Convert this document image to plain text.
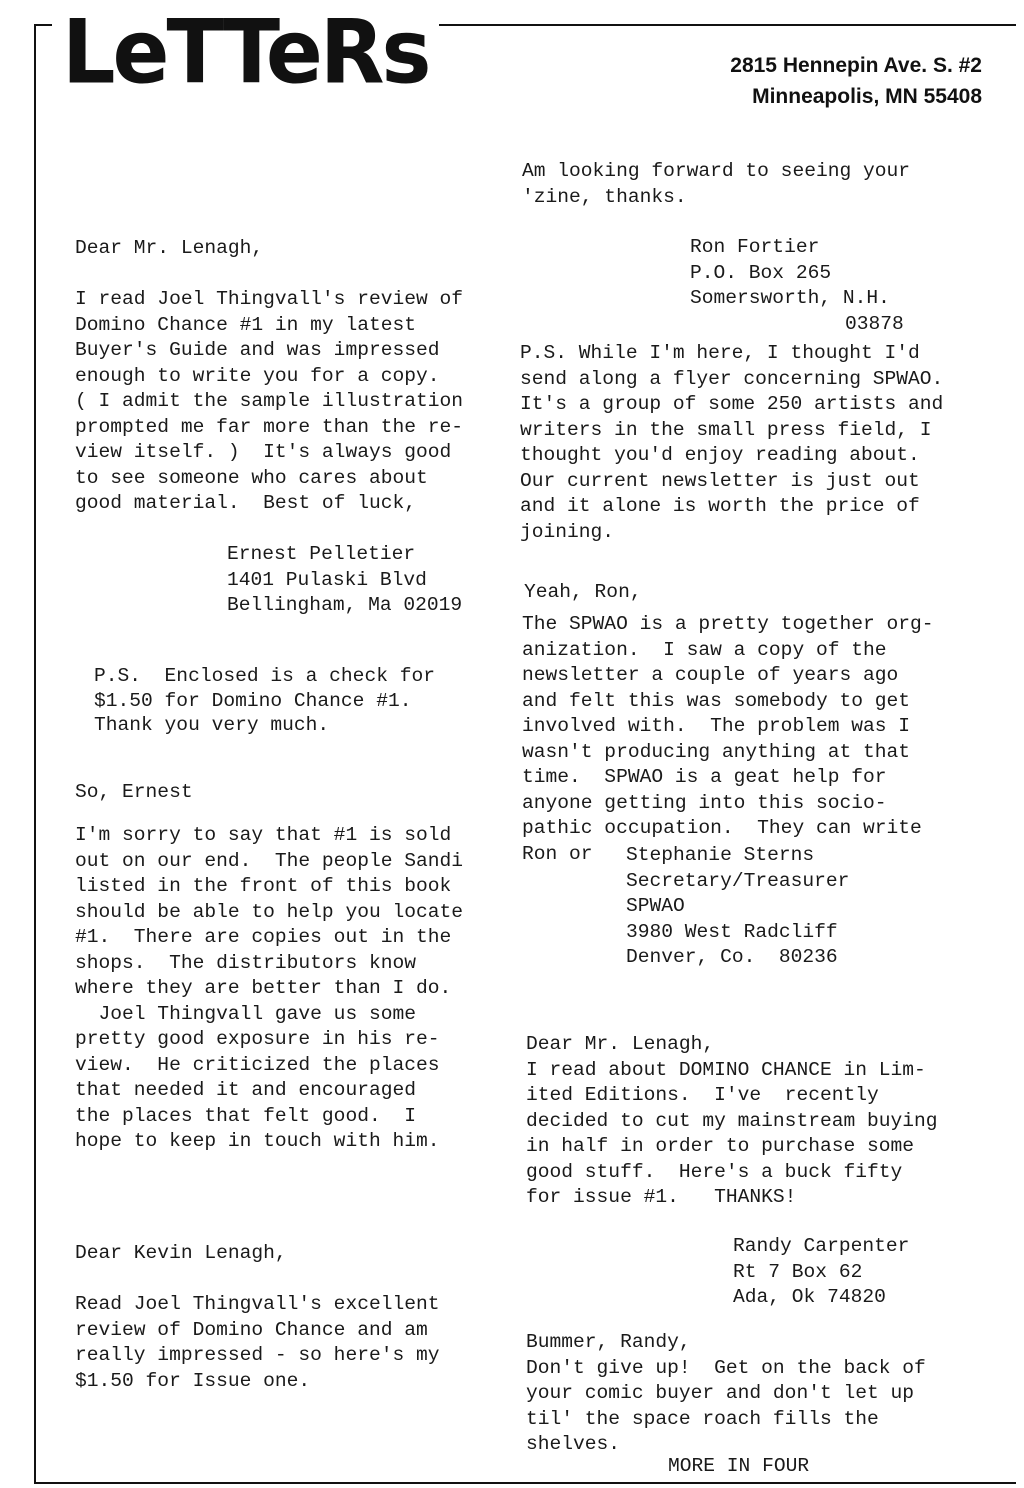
LeTTeRs	2815 Hennepin Ave. S. #2
Minneapolis, MN 55408
Dear Mr. Lenagh,
I read Joel Thingvall's review of
Domino Chance #1 in my latest
Buyer's Guide and was impressed
enough to write you for a copy.
( I admit the sample illustration
prompted me far more than the re-
view itself. )  It's always good
to see someone who cares about
good material.  Best of luck,
Ernest Pelletier
1401 Pulaski Blvd
Bellingham, Ma 02019
P.S.  Enclosed is a check for
$1.50 for Domino Chance #1.
Thank you very much.
So, Ernest
I'm sorry to say that #1 is sold
out on our end.  The people Sandi
listed in the front of this book
should be able to help you locate
#1.  There are copies out in the
shops.  The distributors know
where they are better than I do.
Joel Thingvall gave us some
pretty good exposure in his re-
view.  He criticized the places
that needed it and encouraged
the places that felt good.  I
hope to keep in touch with him.
Dear Kevin Lenagh,
Read Joel Thingvall's excellent
review of Domino Chance and am
really impressed - so here's my
$1.50 for Issue one.
Am looking forward to seeing your
'zine, thanks.
Ron Fortier
P.O. Box 265
Somersworth, N.H.
03878
P.S. While I'm here, I thought I'd
send along a flyer concerning SPWAO.
It's a group of some 250 artists and
writers in the small press field, I
thought you'd enjoy reading about.
Our current newsletter is just out
and it alone is worth the price of
joining.
Yeah, Ron,
The SPWAO is a pretty together org-
anization.  I saw a copy of the
newsletter a couple of years ago
and felt this was somebody to get
involved with.  The problem was I
wasn't producing anything at that
time.  SPWAO is a geat help for
anyone getting into this socio-
pathic occupation.  They can write
Ron or	Stephanie Sterns
Secretary/Treasurer
SPWAO
3980 West Radcliff
Denver, Co.  80236
Dear Mr. Lenagh,
I read about DOMINO CHANCE in Lim-
ited Editions.  I've  recently
decided to cut my mainstream buying
in half in order to purchase some
good stuff.  Here's a buck fifty
for issue #1.   THANKS!
Randy Carpenter
Rt 7 Box 62
Ada, Ok 74820
Bummer, Randy,
Don't give up!  Get on the back of
your comic buyer and don't let up
til' the space roach fills the
shelves.
MORE IN FOUR
